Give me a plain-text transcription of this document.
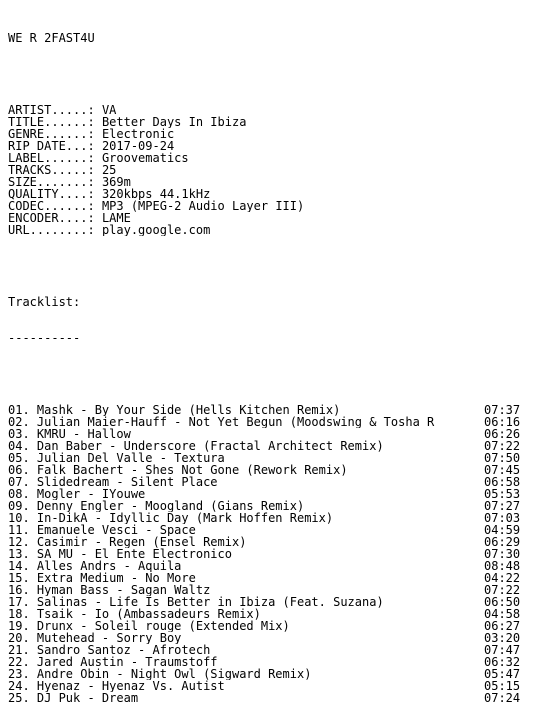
WE R 2FAST4U

ARTIST.....: VA
TITLE......: Better Days In Ibiza
GENRE......: Electronic
RIP DATE...: 2017-09-24
LABEL......: Groovematics
TRACKS.....: 25
SIZE.......: 369m
QUALITY....: 320kbps 44.1kHz
CODEC......: MP3 (MPEG-2 Audio Layer III)
ENCODER....: LAME
URL........: play.google.com

Tracklist:

----------

01. Mashk - By Your Side (Hells Kitchen Remix)	07:37
02. Julian Maier-Hauff - Not Yet Begun (Moodswing & Tosha R	06:16
03. KMRU - Hallow	06:26
04. Dan Baber - Underscore (Fractal Architect Remix)	07:22
05. Julian Del Valle - Textura	07:50
06. Falk Bachert - Shes Not Gone (Rework Remix)	07:45
07. Slidedream - Silent Place	06:58
08. Mogler - IYouwe	05:53
09. Denny Engler - Moogland (Gians Remix)	07:27
10. In-DikA - Idyllic Day (Mark Hoffen Remix)	07:03
11. Emanuele Vesci - Space	04:59
12. Casimir - Regen (Ensel Remix)	06:29
13. SA_MU - El Ente Electronico	07:30
14. Alles Andrs - Aquila	08:48
15. Extra Medium - No More	04:22
16. Hyman Bass - Sagan Waltz	07:22
17. Salinas - Life Is Better in Ibiza (Feat. Suzana)	06:50
18. Tsaik - Io (Ambassadeurs Remix)	04:58
19. Drunx - Soleil rouge (Extended Mix)	06:27
20. Mutehead - Sorry Boy	03:20
21. Sandro Santoz - Afrotech	07:47
22. Jared Austin - Traumstoff	06:32
23. Andre Obin - Night Owl (Sigward Remix)	05:47
24. Hyenaz - Hyenaz Vs. Autist	05:15
25. DJ Puk - Dream	07:24
